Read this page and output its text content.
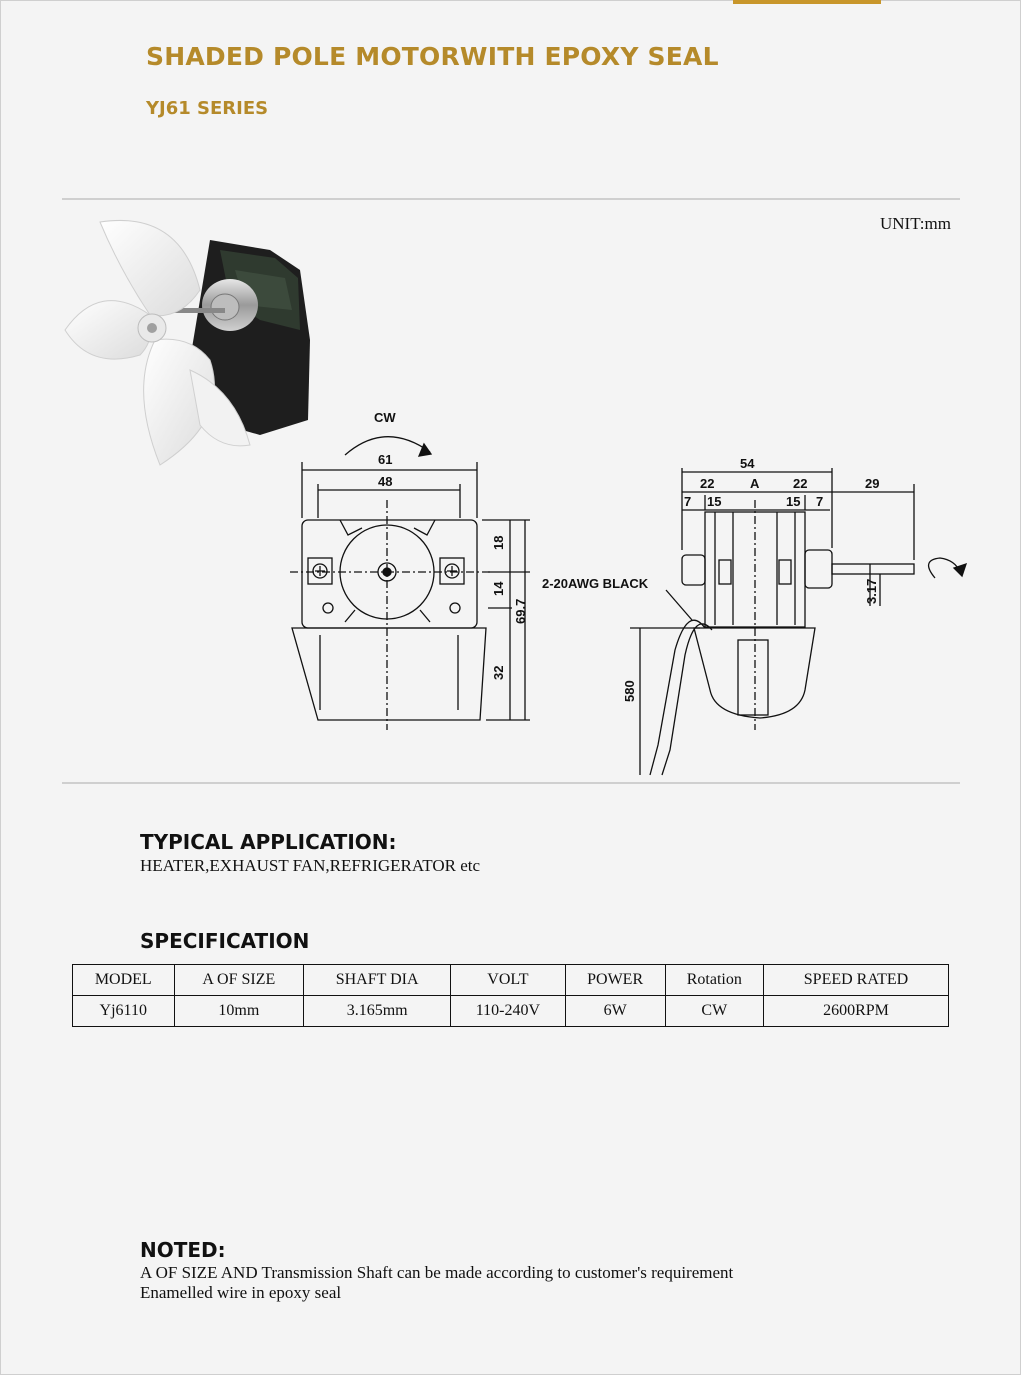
SHADED POLE MOTORWITH EPOXY SEAL
YJ61 SERIES
UNIT:mm
CW
61
48
18
14
69.7
32
54
22	A	22	29
7 15	15 7
2-20AWG BLACK
580
3.17
TYPICAL APPLICATION:
HEATER,EXHAUST FAN,REFRIGERATOR etc
SPECIFICATION
MODEL	A OF SIZE	SHAFT DIA	VOLT	POWER	Rotation	SPEED RATED
Yj6110	10mm	3.165mm	110-240V	6W	CW	2600RPM
NOTED:
A OF SIZE AND Transmission Shaft can be made according to customer's requirement
Enamelled wire in epoxy seal
